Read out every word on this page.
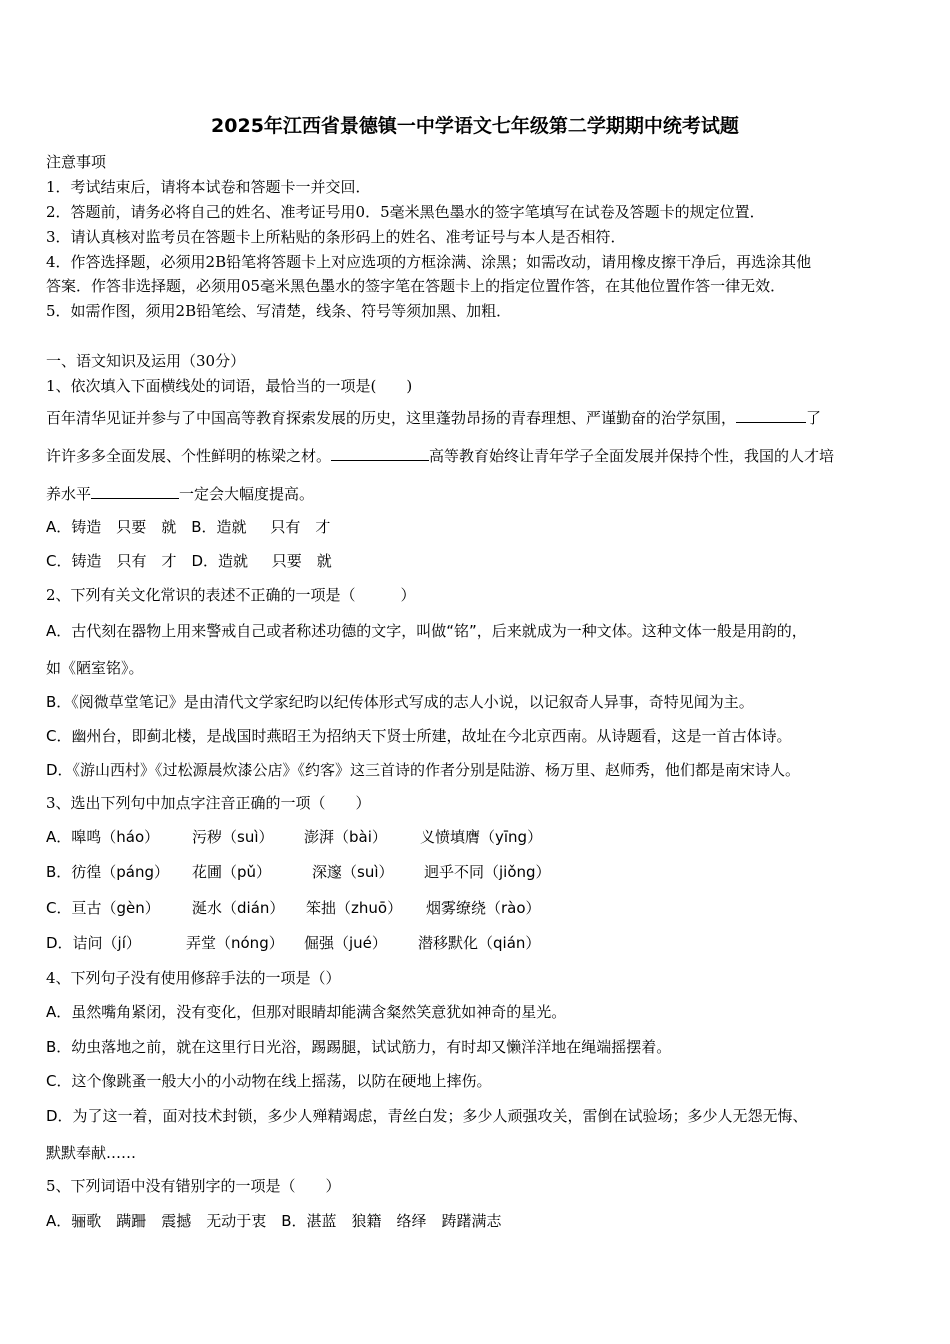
2025年江西省景德镇一中学语文七年级第二学期期中统考试题
注意事项
1．考试结束后，请将本试卷和答题卡一并交回．
2．答题前，请务必将自己的姓名、准考证号用0．5毫米黑色墨水的签字笔填写在试卷及答题卡的规定位置．
3．请认真核对监考员在答题卡上所粘贴的条形码上的姓名、准考证号与本人是否相符．
4．作答选择题，必须用2B铅笔将答题卡上对应选项的方框涂满、涂黑；如需改动，请用橡皮擦干净后，再选涂其他
答案．作答非选择题，必须用05毫米黑色墨水的签字笔在答题卡上的指定位置作答，在其他位置作答一律无效．
5．如需作图，须用2B铅笔绘、写清楚，线条、符号等须加黑、加粗．
一、语文知识及运用（30分）
1、依次填入下面横线处的词语，最恰当的一项是(　　)
百年清华见证并参与了中国高等教育探索发展的历史，这里蓬勃昂扬的青春理想、严谨勤奋的治学氛围，	了
许许多多全面发展、个性鲜明的栋梁之材。	高等教育始终让青年学子全面发展并保持个性，我国的人才培
养水平	一定会大幅度提高。
A．铸造　只要　就　B．造就　 只有　才
C．铸造　只有　才　D．造就　 只要　就
2、下列有关文化常识的表述不正确的一项是（　　　）
A．古代刻在器物上用来警戒自己或者称述功德的文字，叫做“铭”，后来就成为一种文体。这种文体一般是用韵的，
如《陋室铭》。
B．《阅微草堂笔记》是由清代文学家纪昀以纪传体形式写成的志人小说，以记叙奇人异事，奇特见闻为主。
C．幽州台，即蓟北楼，是战国时燕昭王为招纳天下贤士所建，故址在今北京西南。从诗题看，这是一首古体诗。
D．《游山西村》《过松源晨炊漆公店》《约客》这三首诗的作者分别是陆游、杨万里、赵师秀，他们都是南宋诗人。
3、选出下列句中加点字注音正确的一项（　　）
A．嗥鸣（háo） 污秽（suì） 澎湃（bài） 义愤填膺（yīng）
B．彷徨（páng） 花圃（pǔ）	深邃（suì） 迥乎不同（jiǒng）
C．亘古（gèn） 涎水（dián） 笨拙（zhuō） 烟雾缭绕（rào）
D．诘问（jí）	弄堂（nóng） 倔强（jué） 潜移默化（qián）
4、下列句子没有使用修辞手法的一项是（）
A．虽然嘴角紧闭，没有变化，但那对眼睛却能满含粲然笑意犹如神奇的星光。
B．幼虫落地之前，就在这里行日光浴，踢踢腿，试试筋力，有时却又懒洋洋地在绳端摇摆着。
C．这个像跳蚤一般大小的小动物在线上摇荡，以防在硬地上摔伤。
D．为了这一着，面对技术封锁，多少人殚精竭虑，青丝白发；多少人顽强攻关，雷倒在试验场；多少人无怨无悔、
默默奉献……
5、下列词语中没有错别字的一项是（　　）
A．骊歌　蹒跚　震撼　无动于衷　B．湛蓝　狼籍　络绎　踌躇满志
